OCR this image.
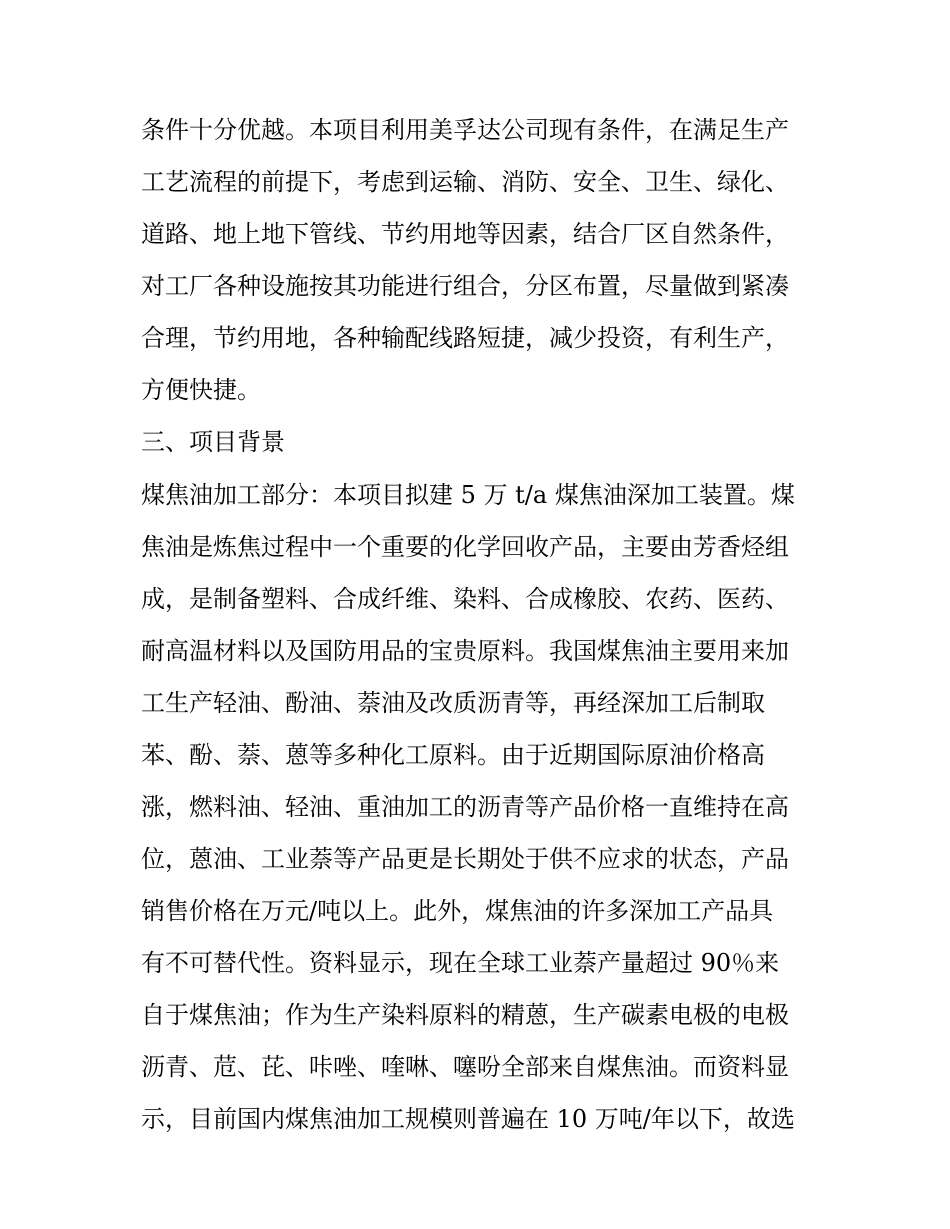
条件十分优越。本项目利用美孚达公司现有条件，在满足生产
工艺流程的前提下，考虑到运输、消防、安全、卫生、绿化、
道路、地上地下管线、节约用地等因素，结合厂区自然条件，
对工厂各种设施按其功能进行组合，分区布置，尽量做到紧凑
合理，节约用地，各种输配线路短捷，减少投资，有利生产，
方便快捷。
三、项目背景
煤焦油加工部分：本项目拟建 5 万 t/a 煤焦油深加工装置。煤
焦油是炼焦过程中一个重要的化学回收产品，主要由芳香烃组
成，是制备塑料、合成纤维、染料、合成橡胶、农药、医药、
耐高温材料以及国防用品的宝贵原料。我国煤焦油主要用来加
工生产轻油、酚油、萘油及改质沥青等，再经深加工后制取
苯、酚、萘、蒽等多种化工原料。由于近期国际原油价格高
涨，燃料油、轻油、重油加工的沥青等产品价格一直维持在高
位，蒽油、工业萘等产品更是长期处于供不应求的状态，产品
销售价格在万元/吨以上。此外，煤焦油的许多深加工产品具
有不可替代性。资料显示，现在全球工业萘产量超过 90％来
自于煤焦油；作为生产染料原料的精蒽，生产碳素电极的电极
沥青、苊、芘、咔唑、喹啉、噻吩全部来自煤焦油。而资料显
示，目前国内煤焦油加工规模则普遍在 10 万吨/年以下，故选
